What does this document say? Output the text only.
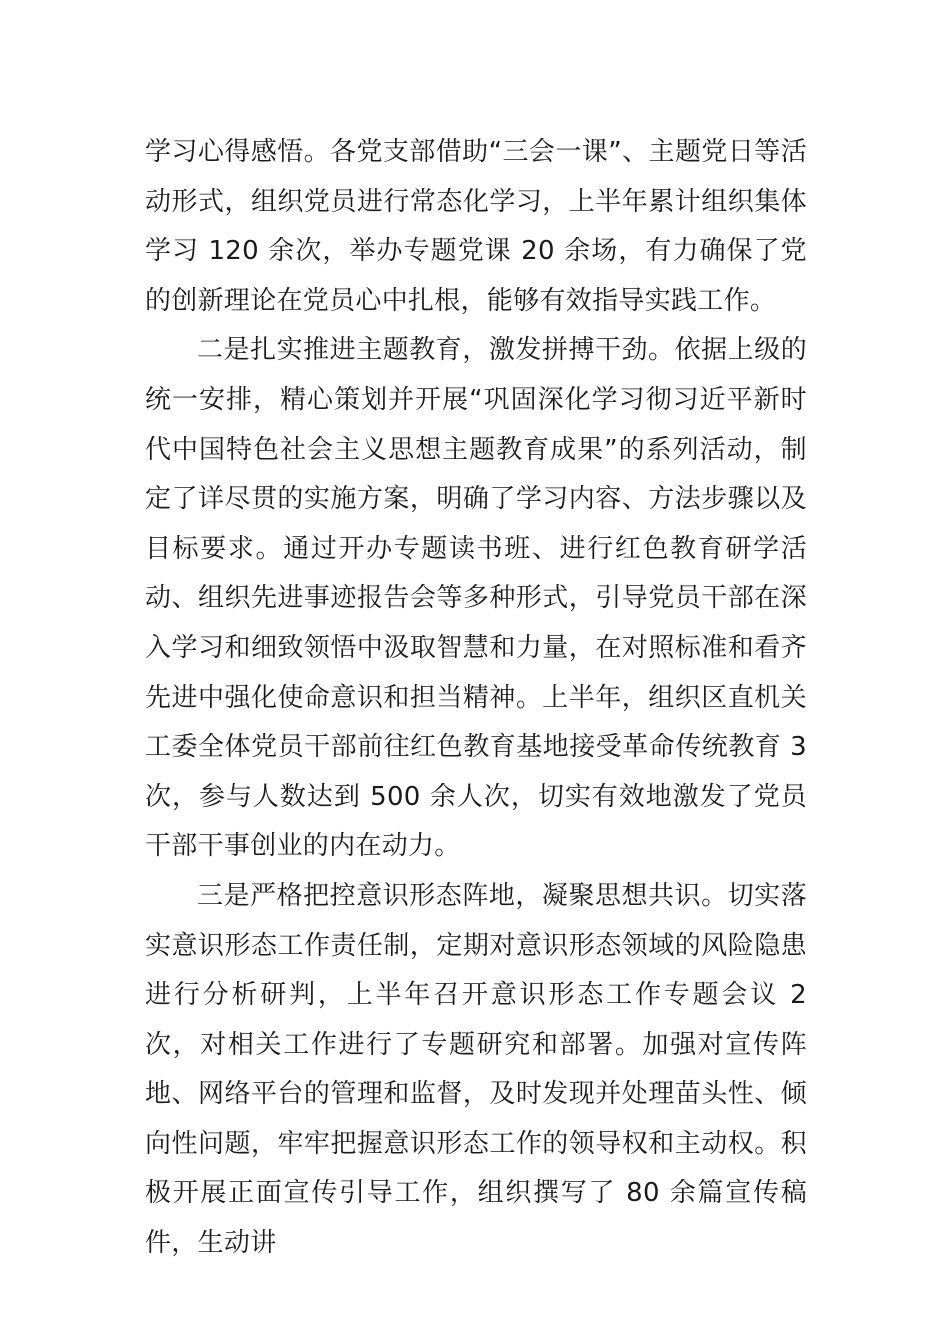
学习心得感悟。各党支部借助“三会一课”、主题党日等活动形式，组织党员进行常态化学习，上半年累计组织集体学习 120 余次，举办专题党课 20 余场，有力确保了党的创新理论在党员心中扎根，能够有效指导实践工作。

二是扎实推进主题教育，激发拼搏干劲。依据上级的统一安排，精心策划并开展“巩固深化学习彻习近平新时代中国特色社会主义思想主题教育成果”的系列活动，制定了详尽贯的实施方案，明确了学习内容、方法步骤以及目标要求。通过开办专题读书班、进行红色教育研学活动、组织先进事迹报告会等多种形式，引导党员干部在深入学习和细致领悟中汲取智慧和力量，在对照标准和看齐先进中强化使命意识和担当精神。上半年，组织区直机关工委全体党员干部前往红色教育基地接受革命传统教育 3 次，参与人数达到 500 余人次，切实有效地激发了党员干部干事创业的内在动力。

三是严格把控意识形态阵地，凝聚思想共识。切实落实意识形态工作责任制，定期对意识形态领域的风险隐患进行分析研判，上半年召开意识形态工作专题会议 2 次，对相关工作进行了专题研究和部署。加强对宣传阵地、网络平台的管理和监督，及时发现并处理苗头性、倾向性问题，牢牢把握意识形态工作的领导权和主动权。积极开展正面宣传引导工作，组织撰写了 80 余篇宣传稿件，生动讲
